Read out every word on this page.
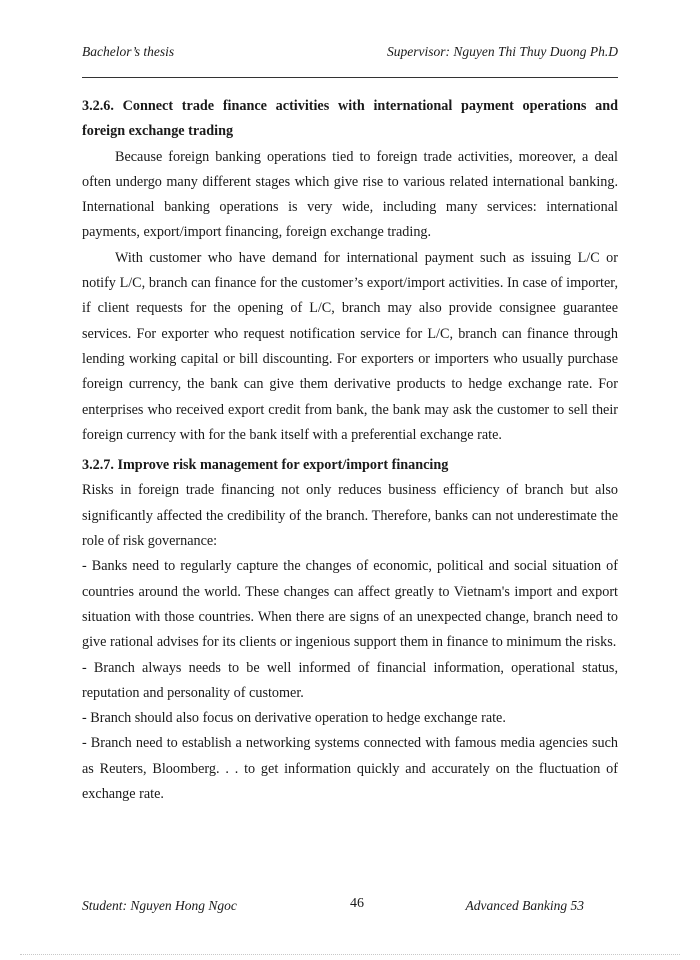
Bachelor’s thesis	Supervisor: Nguyen Thi Thuy Duong Ph.D

3.2.6. Connect trade finance activities with international payment operations and foreign exchange trading

Because foreign banking operations tied to foreign trade activities, moreover, a deal often undergo many different stages which give rise to various related international banking. International banking operations is very wide, including many services: international payments, export/import financing, foreign exchange trading.

With customer who have demand for international payment such as issuing L/C or notify L/C, branch can finance for the customer’s export/import activities. In case of importer, if client requests for the opening of L/C, branch may also provide consignee guarantee services. For exporter who request notification service for L/C, branch can finance through lending working capital or bill discounting. For exporters or importers who usually purchase foreign currency, the bank can give them derivative products to hedge exchange rate. For enterprises who received export credit from bank, the bank may ask the customer to sell their foreign currency with for the bank itself with a preferential exchange rate.

3.2.7. Improve risk management for export/import financing

Risks in foreign trade financing not only reduces business efficiency of branch but also significantly affected the credibility of the branch. Therefore, banks can not underestimate the role of risk governance:

- Banks need to regularly capture the changes of economic, political and social situation of countries around the world. These changes can affect greatly to Vietnam's import and export situation with those countries. When there are signs of an unexpected change, branch need to give rational advises for its clients or ingenious support them in finance to minimum the risks.

- Branch always needs to be well informed of financial information, operational status, reputation and personality of customer.

- Branch should also focus on derivative operation to hedge exchange rate.

- Branch need to establish a networking systems connected with famous media agencies such as Reuters, Bloomberg. . . to get information quickly and accurately on the fluctuation of exchange rate.

Student: Nguyen Hong Ngoc	46	Advanced Banking 53
